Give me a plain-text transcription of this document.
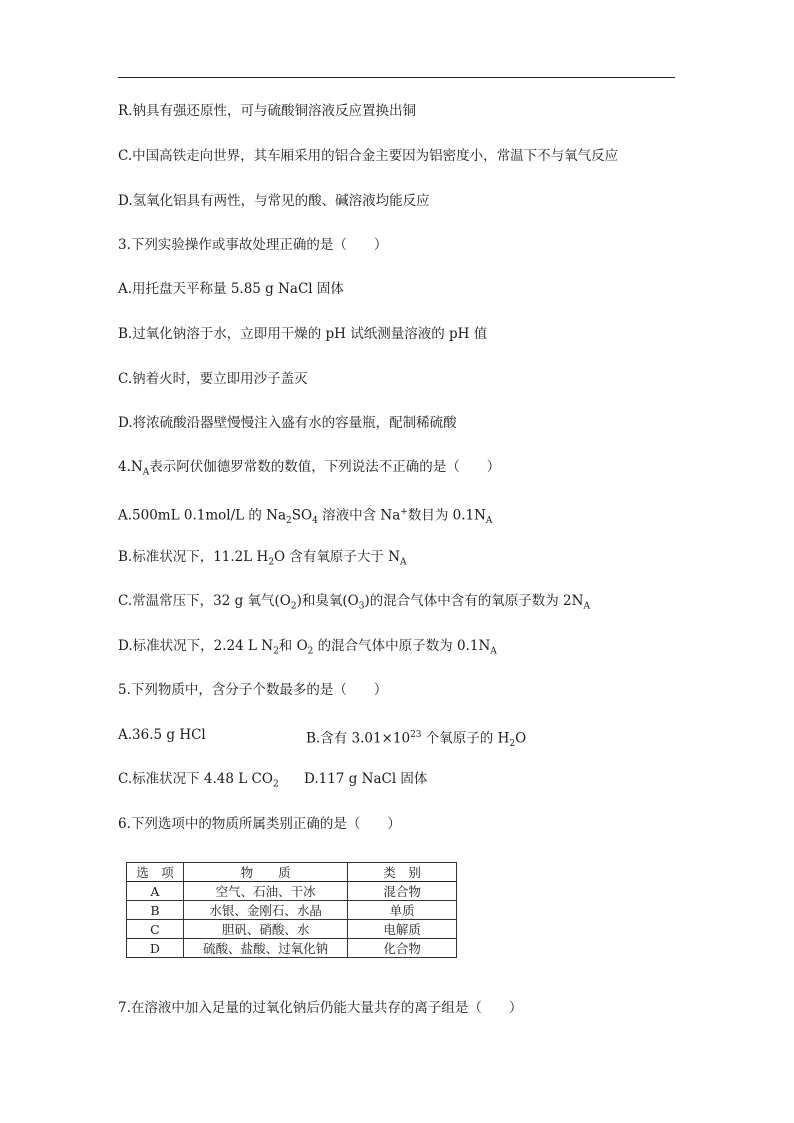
R.钠具有强还原性，可与硫酸铜溶液反应置换出铜
C.中国高铁走向世界，其车厢采用的铝合金主要因为铝密度小，常温下不与氧气反应
D.氢氧化铝具有两性，与常见的酸、碱溶液均能反应
3.下列实验操作或事故处理正确的是（　　）
A.用托盘天平称量 5.85 g NaCl 固体
B.过氧化钠溶于水，立即用干燥的 pH 试纸测量溶液的 pH 值
C.钠着火时，要立即用沙子盖灭
D.将浓硫酸沿器壁慢慢注入盛有水的容量瓶，配制稀硫酸
$4.N_A$表示阿伏伽德罗常数的数值，下列说法不正确的是（　　）
A.500mL 0.1mol/L 的 $Na_2SO_4$ 溶液中含 Na+数目为 $0.1N_A$
B.标准状况下，11.2L $H_2O$ 含有氧原子大于 $N_A$
C.常温常压下，32 g 氧气$(O_2)$和臭氧$(O_3)$的混合气体中含有的氧原子数为 $2N_A$
D.标准状况下，2.24 L $N_2$和 $O_2$ 的混合气体中原子数为 $0.1N_A$
5.下列物质中，含分子个数最多的是（　　）
A.36.5 g HCl	B.含有 $3.01\times 10^{23}$ 个氧原子的 $H_2O$
C.标准状况下 4.48 L $CO_2$ D.117 g NaCl 固体
6.下列选项中的物质所属类别正确的是（　　）
选　项	物　　质	类　别
A	空气、石油、干冰	混合物
B	水银、金刚石、水晶	单质
C	胆矾、硝酸、水	电解质
D	硫酸、盐酸、过氧化钠	化合物
7.在溶液中加入足量的过氧化钠后仍能大量共存的离子组是（　　）
